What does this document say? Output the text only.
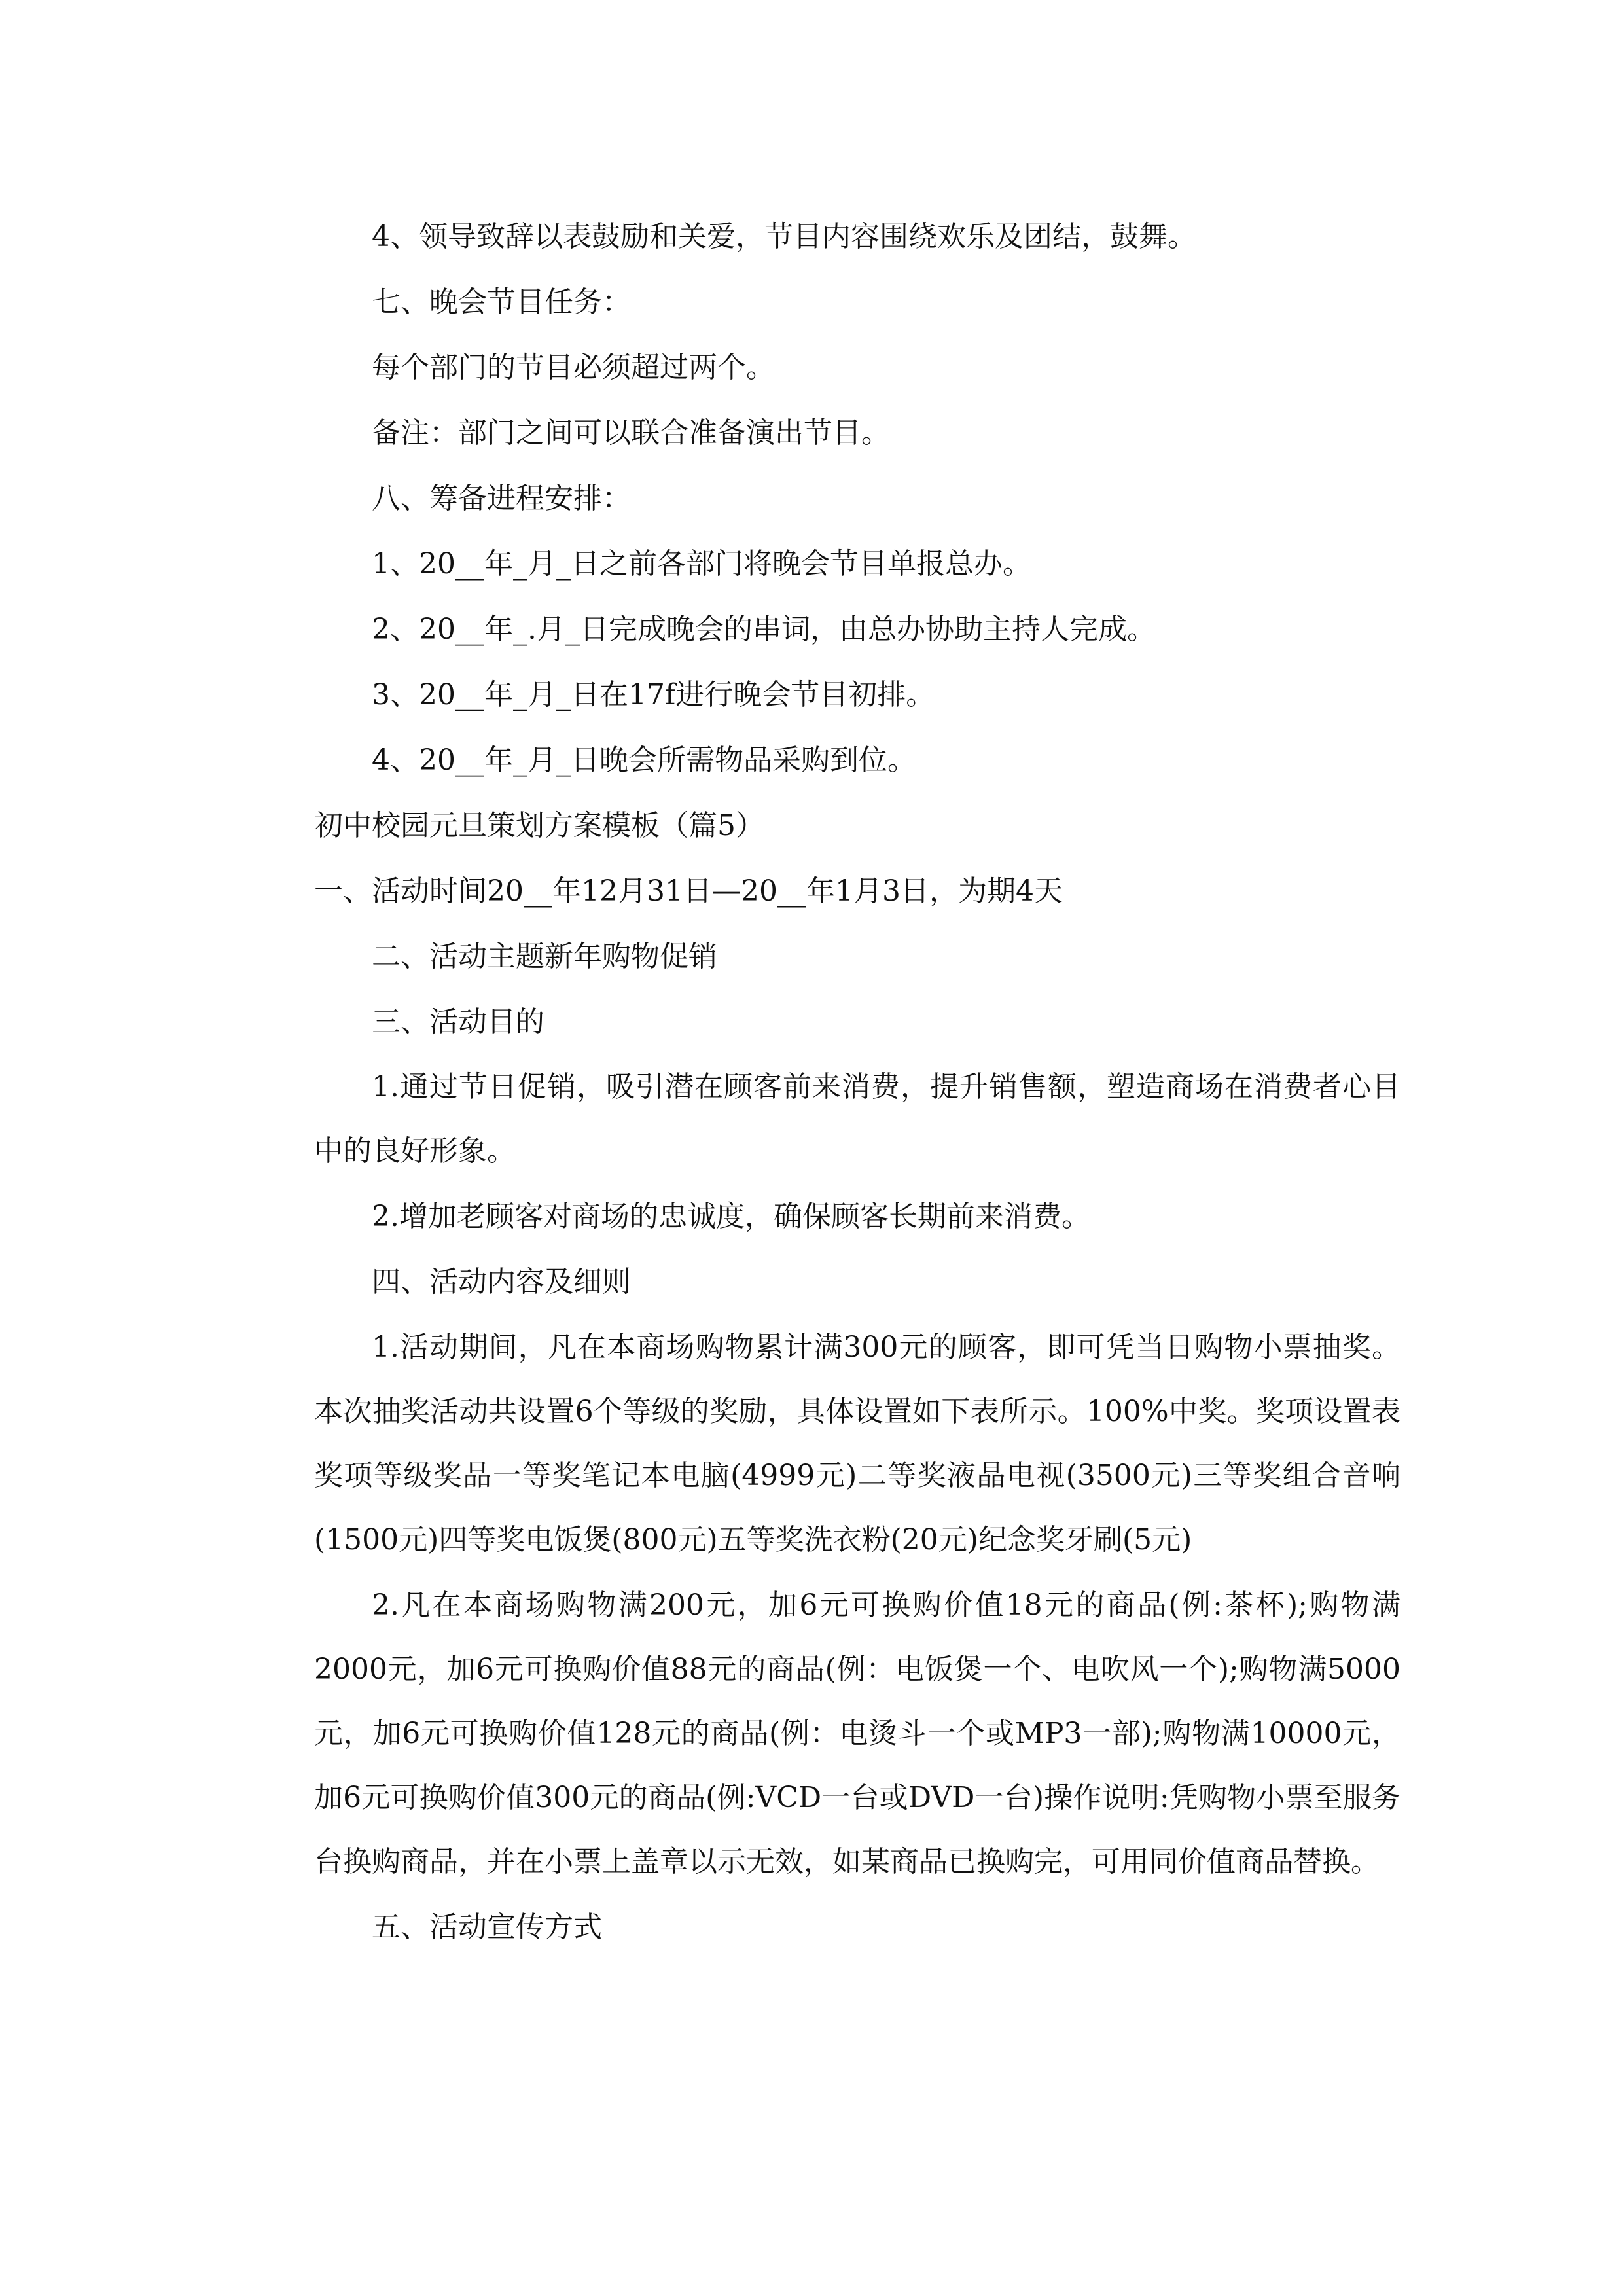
4、领导致辞以表鼓励和关爱，节目内容围绕欢乐及团结，鼓舞。

七、晚会节目任务：

每个部门的节目必须超过两个。

备注：部门之间可以联合准备演出节目。

八、筹备进程安排：

1、20__年_月_日之前各部门将晚会节目单报总办。

2、20__年_.月_日完成晚会的串词，由总办协助主持人完成。

3、20__年_月_日在17f进行晚会节目初排。

4、20__年_月_日晚会所需物品采购到位。

初中校园元旦策划方案模板（篇5）

一、活动时间20__年12月31日—20__年1月3日，为期4天

二、活动主题新年购物促销

三、活动目的

1.通过节日促销，吸引潜在顾客前来消费，提升销售额，塑造商场在消费者心目中的良好形象。

2.增加老顾客对商场的忠诚度，确保顾客长期前来消费。

四、活动内容及细则

1.活动期间，凡在本商场购物累计满300元的顾客，即可凭当日购物小票抽奖。本次抽奖活动共设置6个等级的奖励，具体设置如下表所示。100%中奖。奖项设置表奖项等级奖品一等奖笔记本电脑(4999元)二等奖液晶电视(3500元)三等奖组合音响(1500元)四等奖电饭煲(800元)五等奖洗衣粉(20元)纪念奖牙刷(5元)

2.凡在本商场购物满200元，加6元可换购价值18元的商品(例:茶杯);购物满2000元，加6元可换购价值88元的商品(例：电饭煲一个、电吹风一个);购物满5000元，加6元可换购价值128元的商品(例：电烫斗一个或MP3一部);购物满10000元，加6元可换购价值300元的商品(例:VCD一台或DVD一台)操作说明:凭购物小票至服务台换购商品，并在小票上盖章以示无效，如某商品已换购完，可用同价值商品替换。

五、活动宣传方式
